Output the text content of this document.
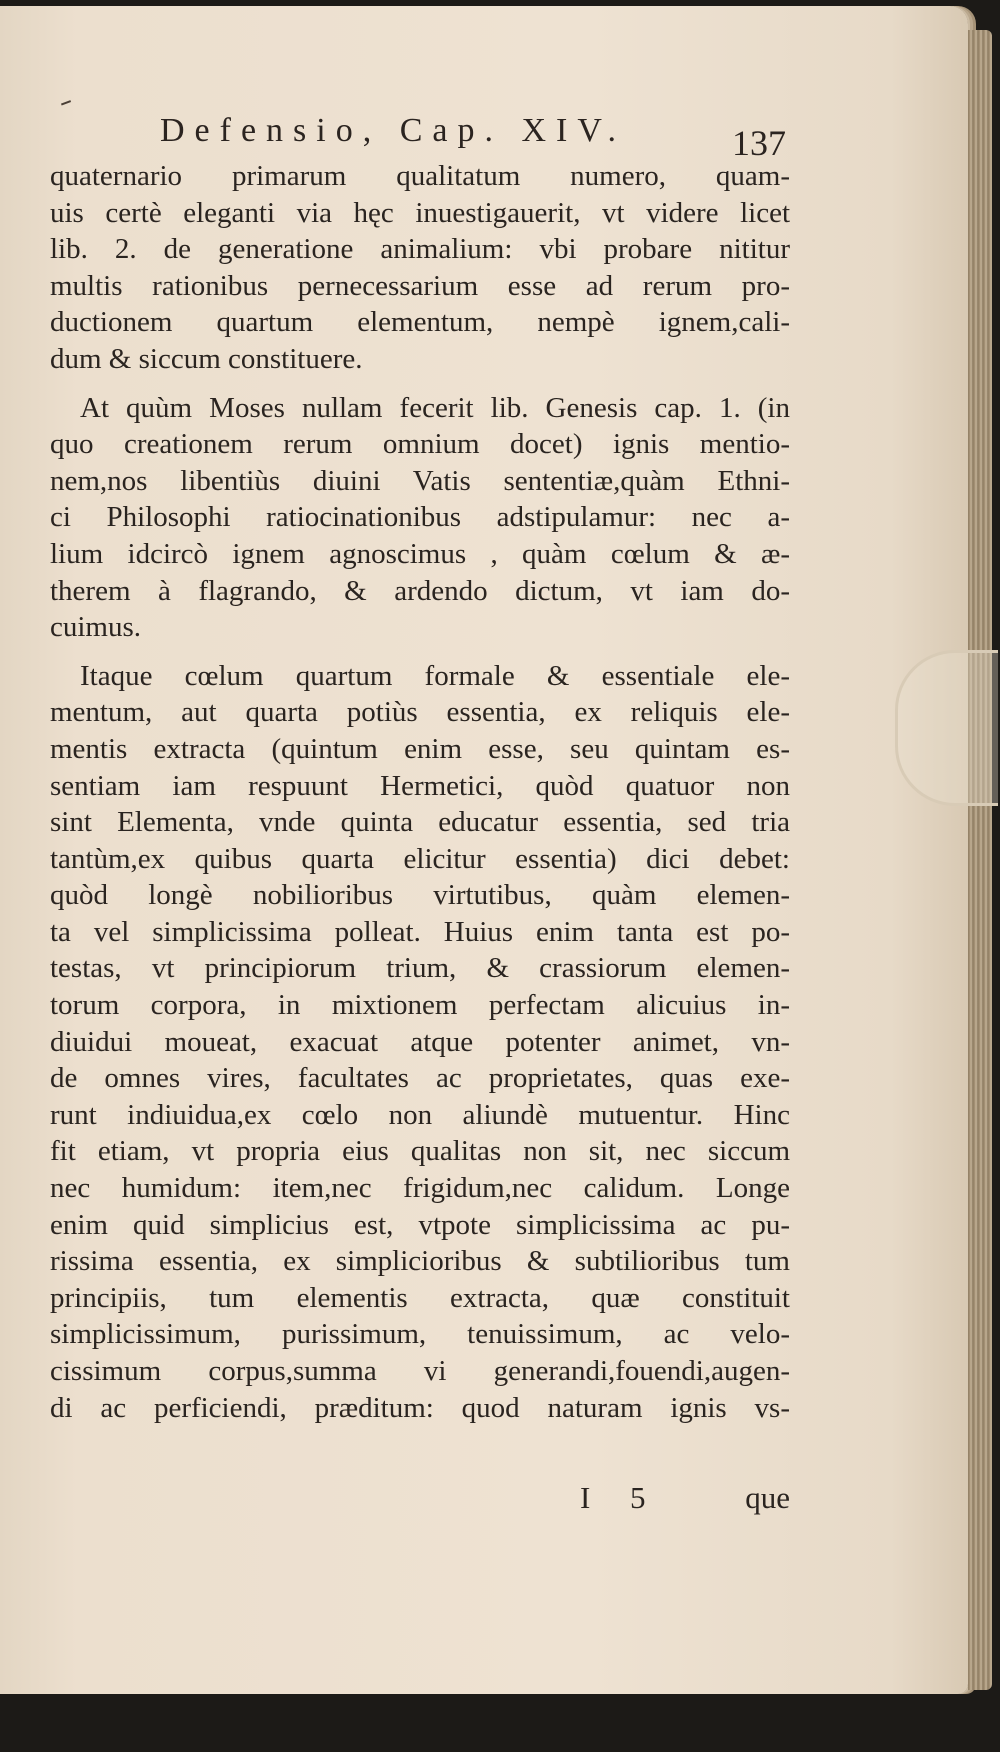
Defensio, Cap. XIV.	137
quaternario primarum qualitatum numero, quam-
uis certè eleganti via hęc inuestigauerit, vt videre licet
lib. 2. de generatione animalium: vbi probare nititur
multis rationibus pernecessarium esse ad rerum pro-
ductionem quartum elementum, nempè ignem,cali-
dum & siccum constituere.
At quùm Moses nullam fecerit lib. Genesis cap. 1. (in
quo creationem rerum omnium docet) ignis mentio-
nem,nos libentiùs diuini Vatis sententiæ,quàm Ethni-
ci Philosophi ratiocinationibus adstipulamur: nec a-
lium idcircò ignem agnoscimus , quàm cœlum & æ-
therem à flagrando, & ardendo dictum, vt iam do-
cuimus.
Itaque cœlum quartum formale & essentiale ele-
mentum, aut quarta potiùs essentia, ex reliquis ele-
mentis extracta (quintum enim esse, seu quintam es-
sentiam iam respuunt Hermetici, quòd quatuor non
sint Elementa, vnde quinta educatur essentia, sed tria
tantùm,ex quibus quarta elicitur essentia) dici debet:
quòd longè nobilioribus virtutibus, quàm elemen-
ta vel simplicissima polleat. Huius enim tanta est po-
testas, vt principiorum trium, & crassiorum elemen-
torum corpora, in mixtionem perfectam alicuius in-
diuidui moueat, exacuat atque potenter animet, vn-
de omnes vires, facultates ac proprietates, quas exe-
runt indiuidua,ex cœlo non aliundè mutuentur. Hinc
fit etiam, vt propria eius qualitas non sit, nec siccum
nec humidum: item,nec frigidum,nec calidum. Longe
enim quid simplicius est, vtpote simplicissima ac pu-
rissima essentia, ex simplicioribus & subtilioribus tum
principiis, tum elementis extracta, quæ constituit
simplicissimum, purissimum, tenuissimum, ac velo-
cissimum corpus,summa vi generandi,fouendi,augen-
di ac perficiendi, præditum: quod naturam ignis vs-
I 5	que
